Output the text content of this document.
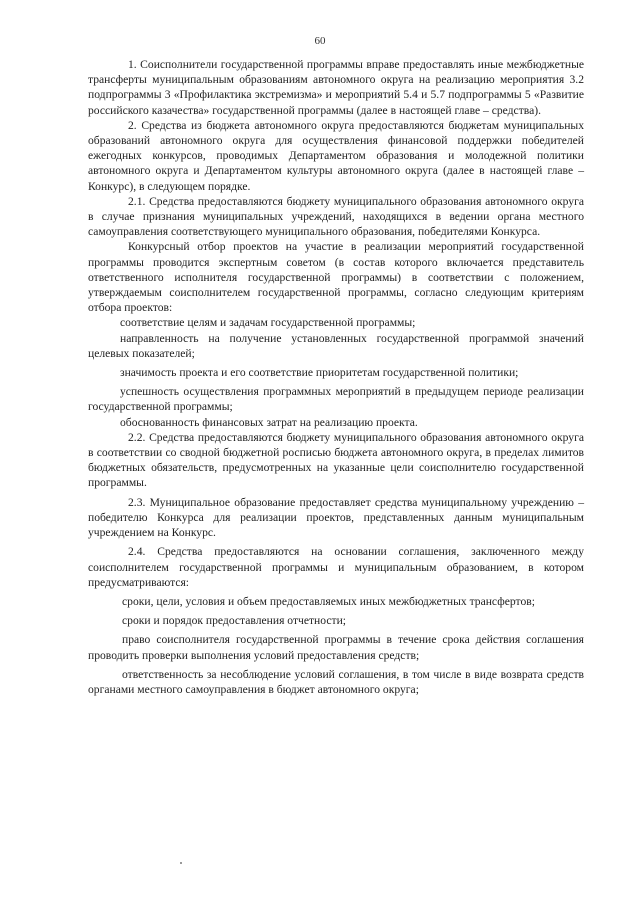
60

1. Соисполнители государственной программы вправе предоставлять иные межбюджетные трансферты муниципальным образованиям автономного округа на реализацию мероприятия 3.2 подпрограммы 3 «Профилактика экстремизма» и мероприятий 5.4 и 5.7 подпрограммы 5 «Развитие российского казачества» государственной программы (далее в настоящей главе – средства).

2. Средства из бюджета автономного округа предоставляются бюджетам муниципальных образований автономного округа для осуществления финансовой поддержки победителей ежегодных конкурсов, проводимых Департаментом образования и молодежной политики автономного округа и Департаментом культуры автономного округа (далее в настоящей главе – Конкурс), в следующем порядке.

2.1. Средства предоставляются бюджету муниципального образования автономного округа в случае признания муниципальных учреждений, находящихся в ведении органа местного самоуправления соответствующего муниципального образования, победителями Конкурса.

Конкурсный отбор проектов на участие в реализации мероприятий государственной программы проводится экспертным советом (в состав которого включается представитель ответственного исполнителя государственной программы) в соответствии с положением, утверждаемым соисполнителем государственной программы, согласно следующим критериям отбора проектов:

соответствие целям и задачам государственной программы;

направленность на получение установленных государственной программой значений целевых показателей;

значимость проекта и его соответствие приоритетам государственной политики;

успешность осуществления программных мероприятий в предыдущем периоде реализации государственной программы;

обоснованность финансовых затрат на реализацию проекта.

2.2. Средства предоставляются бюджету муниципального образования автономного округа в соответствии со сводной бюджетной росписью бюджета автономного округа, в пределах лимитов бюджетных обязательств, предусмотренных на указанные цели соисполнителю государственной программы.

2.3. Муниципальное образование предоставляет средства муниципальному учреждению – победителю Конкурса для реализации проектов, представленных данным муниципальным учреждением на Конкурс.

2.4. Средства предоставляются на основании соглашения, заключенного между соисполнителем государственной программы и муниципальным образованием, в котором предусматриваются:

сроки, цели, условия и объем предоставляемых иных межбюджетных трансфертов;

сроки и порядок предоставления отчетности;

право соисполнителя государственной программы в течение срока действия соглашения проводить проверки выполнения условий предоставления средств;

ответственность за несоблюдение условий соглашения, в том числе в виде возврата средств органами местного самоуправления в бюджет автономного округа;
